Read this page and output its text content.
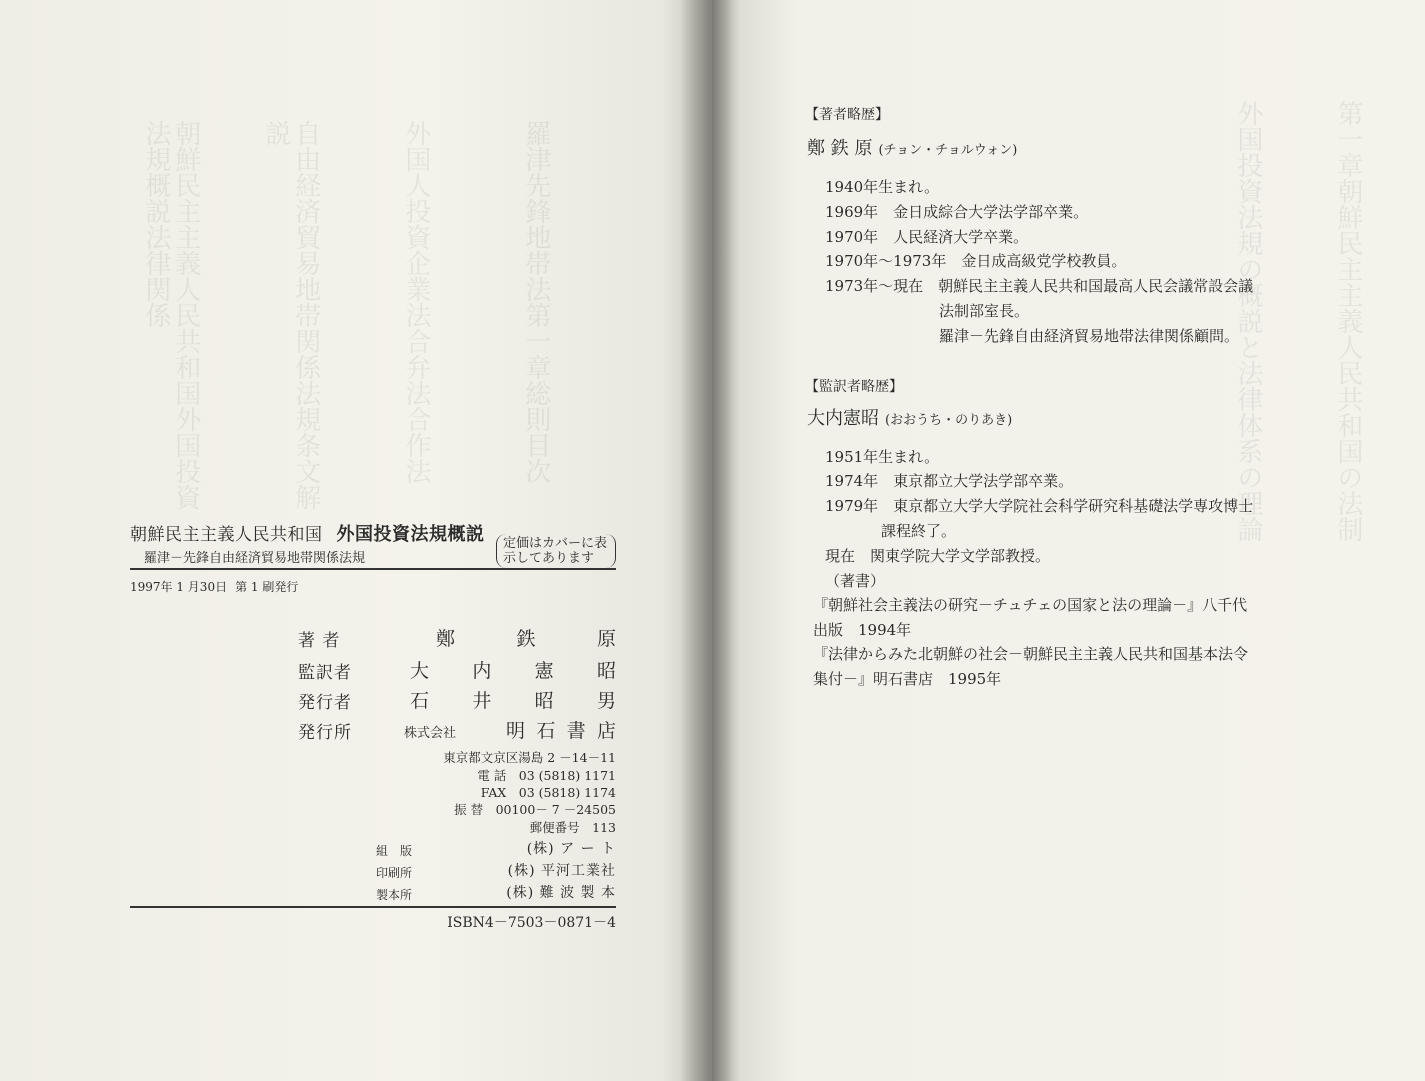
朝鮮民主主義人民共和国外国投資法規概説法律関係	自由経済貿易地帯関係法規条文解説	外国人投資企業法合弁法合作法	羅津先鋒地帯法第一章総則目次
朝鮮民主主義人民共和国 外国投資法規概説
羅津－先鋒自由経済貿易地帯関係法規
定価はカバーに表
示してあります
1997年 1 月30日 第 1 刷発行
著 者	鄭	鉄	原
監訳者	大 内 憲 昭
発行者	石 井 昭 男
発行所	株式会社	明 石 書 店
東京都文京区湯島 2 －14－11
電 話　03 (5818) 1171
FAX　03 (5818) 1174
振 替　00100－ 7 －24505
郵便番号　113
組　版	(株) ア ー ト
印刷所	(株) 平河工業社
製本所	(株) 難 波 製 本
ISBN4－7503－0871－4
外国投資法規の概説と法律体系の理論	第一章朝鮮民主主義人民共和国の法制
【著者略歴】
鄭 鉄 原 (チョン・チョルウォン)
1940年生まれ。
1969年　金日成綜合大学法学部卒業。
1970年　人民経済大学卒業。
1970年～1973年　金日成高級党学校教員。
1973年～現在　朝鮮民主主義人民共和国最高人民会議常設会議
法制部室長。
羅津－先鋒自由経済貿易地帯法律関係顧問。
【監訳者略歴】
大内憲昭 (おおうち・のりあき)
1951年生まれ。
1974年　東京都立大学法学部卒業。
1979年　東京都立大学大学院社会科学研究科基礎法学専攻博士
課程終了。
現在　関東学院大学文学部教授。
（著書）
『朝鮮社会主義法の研究－チュチェの国家と法の理論－』八千代
出版　1994年
『法律からみた北朝鮮の社会－朝鮮民主主義人民共和国基本法令
集付－』明石書店　1995年
